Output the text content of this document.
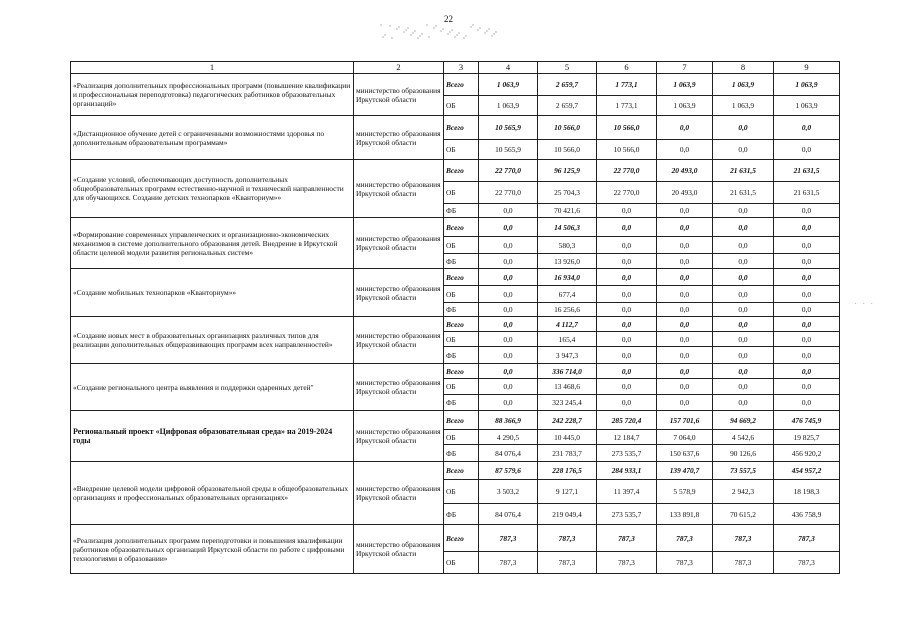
22
· · ·
1	2	3	4	5	6	7	8	9
«Реализация дополнительных профессиональных программ (повышение квалификации и профессиональная переподготовка) педагогических работников образовательных организаций»	министерство образования Иркутской области	Всего	1 063,9	2 659,7	1 773,1	1 063,9	1 063,9	1 063,9
		ОБ	1 063,9	2 659,7	1 773,1	1 063,9	1 063,9	1 063,9
«Дистанционное обучение детей с ограниченными возможностями здоровья по дополнительным образовательным программам»	министерство образования Иркутской области	Всего	10 565,9	10 566,0	10 566,0	0,0	0,0	0,0
		ОБ	10 565,9	10 566,0	10 566,0	0,0	0,0	0,0
«Создание условий, обеспечивающих доступность дополнительных общеобразовательных программ естественно-научной и технической направленности для обучающихся. Создание детских технопарков «Кванториум»»	министерство образования Иркутской области	Всего	22 770,0	96 125,9	22 770,0	20 493,0	21 631,5	21 631,5
		ОБ	22 770,0	25 704,3	22 770,0	20 493,0	21 631,5	21 631,5
		ФБ	0,0	70 421,6	0,0	0,0	0,0	0,0
«Формирование современных управленческих и организационно-экономических механизмов в системе дополнительного образования детей. Внедрение в Иркутской области целевой модели развития региональных систем»	министерство образования Иркутской области	Всего	0,0	14 506,3	0,0	0,0	0,0	0,0
		ОБ	0,0	580,3	0,0	0,0	0,0	0,0
		ФБ	0,0	13 926,0	0,0	0,0	0,0	0,0
«Создание мобильных технопарков «Кванториум»»	министерство образования Иркутской области	Всего	0,0	16 934,0	0,0	0,0	0,0	0,0
		ОБ	0,0	677,4	0,0	0,0	0,0	0,0
		ФБ	0,0	16 256,6	0,0	0,0	0,0	0,0
«Создание новых мест в образовательных организациях различных типов для реализации дополнительных общеразвивающих программ всех направленностей»	министерство образования Иркутской области	Всего	0,0	4 112,7	0,0	0,0	0,0	0,0
		ОБ	0,0	165,4	0,0	0,0	0,0	0,0
		ФБ	0,0	3 947,3	0,0	0,0	0,0	0,0
«Создание регионального центра выявления и поддержки одаренных детей"	министерство образования Иркутской области	Всего	0,0	336 714,0	0,0	0,0	0,0	0,0
		ОБ	0,0	13 468,6	0,0	0,0	0,0	0,0
		ФБ	0,0	323 245,4	0,0	0,0	0,0	0,0
Региональный проект «Цифровая образовательная среда» на 2019-2024 годы	министерство образования Иркутской области	Всего	88 366,9	242 228,7	285 720,4	157 701,6	94 669,2	476 745,9
		ОБ	4 290,5	10 445,0	12 184,7	7 064,0	4 542,6	19 825,7
		ФБ	84 076,4	231 783,7	273 535,7	150 637,6	90 126,6	456 920,2
«Внедрение целевой модели цифровой образовательной среды в общеобразовательных организациях и профессиональных образовательных организациях»	министерство образования Иркутской области	Всего	87 579,6	228 176,5	284 933,1	139 470,7	73 557,5	454 957,2
		ОБ	3 503,2	9 127,1	11 397,4	5 578,9	2 942,3	18 198,3
		ФБ	84 076,4	219 049,4	273 535,7	133 891,8	70 615,2	436 758,9
«Реализация дополнительных программ переподготовки и повышения квалификации работников образовательных организаций Иркутской области по работе с цифровыми технологиями в образовании»	министерство образования Иркутской области	Всего	787,3	787,3	787,3	787,3	787,3	787,3
		ОБ	787,3	787,3	787,3	787,3	787,3	787,3
